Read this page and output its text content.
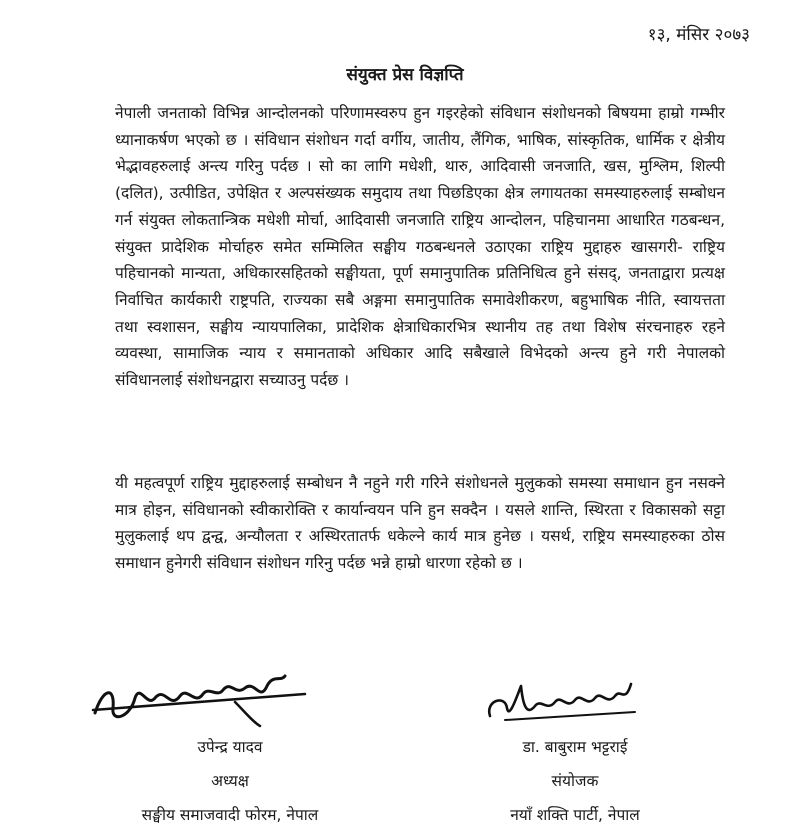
१३, मंसिर २०७३
संयुक्त प्रेस विज्ञप्ति
नेपाली जनताको विभिन्न आन्दोलनको परिणामस्वरुप हुन गइरहेको संविधान संशोधनको बिषयमा हाम्रो गम्भीर ध्यानाकर्षण भएको छ । संविधान संशोधन गर्दा वर्गीय, जातीय, लैंगिक, भाषिक, सांस्कृतिक, धार्मिक र क्षेत्रीय भेद्भावहरुलाई अन्त्य गरिनु पर्दछ । सो का लागि मधेशी, थारु, आदिवासी जनजाति, खस, मुश्लिम, शिल्पी (दलित), उत्पीडित, उपेक्षित र अल्पसंख्यक समुदाय तथा पिछडिएका क्षेत्र लगायतका समस्याहरुलाई सम्बोधन गर्न संयुक्त लोकतान्त्रिक मधेशी मोर्चा, आदिवासी जनजाति राष्ट्रिय आन्दोलन, पहिचानमा आधारित गठबन्धन, संयुक्त प्रादेशिक मोर्चाहरु समेत सम्मिलित सङ्घीय गठबन्धनले उठाएका राष्ट्रिय मुद्दाहरु खासगरी- राष्ट्रिय पहिचानको मान्यता, अधिकारसहितको सङ्घीयता, पूर्ण समानुपातिक प्रतिनिधित्व हुने संसद्, जनताद्वारा प्रत्यक्ष निर्वाचित कार्यकारी राष्ट्रपति, राज्यका सबै अङ्गमा समानुपातिक समावेशीकरण, बहुभाषिक नीति, स्वायत्तता तथा स्वशासन, सङ्घीय न्यायपालिका, प्रादेशिक क्षेत्राधिकारभित्र स्थानीय तह तथा विशेष संरचनाहरु रहने व्यवस्था, सामाजिक न्याय र समानताको अधिकार आदि सबैखाले विभेदको अन्त्य हुने गरी नेपालको संविधानलाई संशोधनद्वारा सच्याउनु पर्दछ ।
यी महत्वपूर्ण राष्ट्रिय मुद्दाहरुलाई सम्बोधन नै नहुने गरी गरिने संशोधनले मुलुकको समस्या समाधान हुन नसक्ने मात्र होइन, संविधानको स्वीकारोक्ति र कार्यान्वयन पनि हुन सक्दैन । यसले शान्ति, स्थिरता र विकासको सट्टा मुलुकलाई थप द्वन्द्व, अन्यौलता र अस्थिरतातर्फ धकेल्ने कार्य मात्र हुनेछ । यसर्थ, राष्ट्रिय समस्याहरुका ठोस समाधान हुनेगरी संविधान संशोधन गरिनु पर्दछ भन्ने हाम्रो धारणा रहेको छ ।
उपेन्द्र यादव
अध्यक्ष
सङ्घीय समाजवादी फोरम, नेपाल
डा. बाबुराम भट्टराई
संयोजक
नयाँ शक्ति पार्टी, नेपाल
